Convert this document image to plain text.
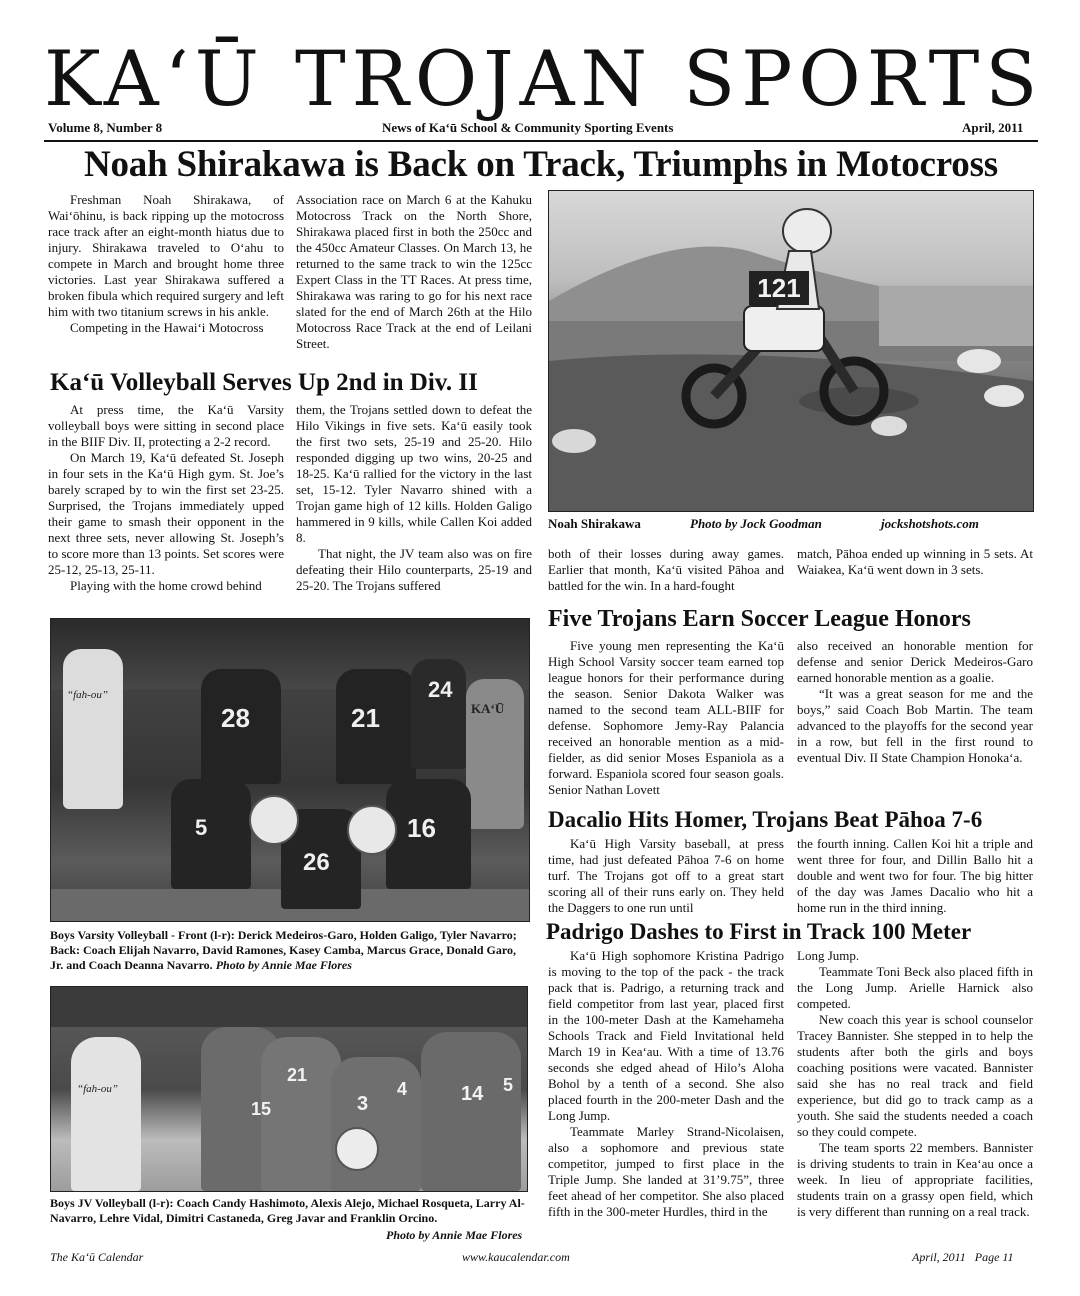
KA‘Ū TROJAN SPORTS
Volume 8, Number 8	News of Ka‘ū School & Community Sporting Events	April, 2011
Noah Shirakawa is Back on Track, Triumphs in Motocross

Freshman Noah Shirakawa, of Wai‘ōhinu, is back ripping up the motocross race track after an eight-month hiatus due to injury. Shirakawa traveled to O‘ahu to compete in March and brought home three victories. Last year Shirakawa suffered a broken fibula which required surgery and left him with two titanium screws in his ankle.

Competing in the Hawai‘i Motocross

Association race on March 6 at the Kahuku Motocross Track on the North Shore, Shirakawa placed first in both the 250cc and the 450cc Amateur Classes. On March 13, he returned to the same track to win the 125cc Expert Class in the TT Races. At press time, Shirakawa was raring to go for his next race slated for the end of March 26th at the Hilo Motocross Race Track at the end of Leilani Street.

121
Noah Shirakawa	Photo by Jock Goodman	jockshotshots.com
Ka‘ū Volleyball Serves Up 2nd in Div. II

At press time, the Ka‘ū Varsity volleyball boys were sitting in second place in the BIIF Div. II, protecting a 2-2 record.

On March 19, Ka‘ū defeated St. Joseph in four sets in the Ka‘ū High gym. St. Joe’s barely scraped by to win the first set 23-25. Surprised, the Trojans immediately upped their game to smash their opponent in the next three sets, never allowing St. Joseph’s to score more than 13 points. Set scores were 25-12, 25-13, 25-11.

Playing with the home crowd behind

them, the Trojans settled down to defeat the Hilo Vikings in five sets. Ka‘ū easily took the first two sets, 25-19 and 25-20. Hilo responded digging up two wins, 20-25 and 18-25. Ka‘ū rallied for the victory in the last set, 15-12. Tyler Navarro shined with a Trojan game high of 12 kills. Holden Galigo hammered in 9 kills, while Callen Koi added 8.

That night, the JV team also was on fire defeating their Hilo counterparts, 25-19 and 25-20. The Trojans suffered

both of their losses during away games. Earlier that month, Ka‘ū visited Pāhoa and battled for the win. In a hard-fought

match, Pāhoa ended up winning in 5 sets. At Waiakea, Ka‘ū went down in 3 sets.

“fah-ou”
KA‘Ū
28	21
24
5
26
16
Boys Varsity Volleyball - Front (l-r): Derick Medeiros-Garo, Holden Galigo, Tyler Navarro; Back: Coach Elijah Navarro, David Ramones, Kasey Camba, Marcus Grace, Donald Garo, Jr. and Coach Deanna Navarro. Photo by Annie Mae Flores
“fah-ou”
15
21
3
4	14 5
Boys JV Volleyball (l-r): Coach Candy Hashimoto, Alexis Alejo, Michael Rosqueta, Larry Al-Navarro, Lehre Vidal, Dimitri Castaneda, Greg Javar and Franklin Orcino.
Photo by Annie Mae Flores
Five Trojans Earn Soccer League Honors

Five young men representing the Ka‘ū High School Varsity soccer team earned top league honors for their performance during the season. Senior Dakota Walker was named to the second team ALL-BIIF for defense. Sophomore Jemy-Ray Palancia received an honorable mention as a mid-fielder, as did senior Moses Espaniola as a forward. Espaniola scored four season goals. Senior Nathan Lovett

also received an honorable mention for defense and senior Derick Medeiros-Garo earned honorable mention as a goalie.

“It was a great season for me and the boys,” said Coach Bob Martin. The team advanced to the playoffs for the second year in a row, but fell in the first round to eventual Div. II State Champion Honoka‘a.

Dacalio Hits Homer, Trojans Beat Pāhoa 7-6

Ka‘ū High Varsity baseball, at press time, had just defeated Pāhoa 7-6 on home turf. The Trojans got off to a great start scoring all of their runs early on. They held the Daggers to one run until

the fourth inning. Callen Koi hit a triple and went three for four, and Dillin Ballo hit a double and went two for four. The big hitter of the day was James Dacalio who hit a home run in the third inning.

Padrigo Dashes to First in Track 100 Meter

Ka‘ū High sophomore Kristina Padrigo is moving to the top of the pack - the track pack that is. Padrigo, a returning track and field competitor from last year, placed first in the 100-meter Dash at the Kamehameha Schools Track and Field Invitational held March 19 in Kea‘au. With a time of 13.76 seconds she edged ahead of Hilo’s Aloha Bohol by a tenth of a second. She also placed fourth in the 200-meter Dash and the Long Jump.

Teammate Marley Strand-Nicolaisen, also a sophomore and previous state competitor, jumped to first place in the Triple Jump. She landed at 31’9.75”, three feet ahead of her competitor. She also placed fifth in the 300-meter Hurdles, third in the

Long Jump.

Teammate Toni Beck also placed fifth in the Long Jump. Arielle Harnick also competed.

New coach this year is school counselor Tracey Bannister. She stepped in to help the students after both the girls and boys coaching positions were vacated. Bannister said she has no real track and field experience, but did go to track camp as a youth. She said the students needed a coach so they could compete.

The team sports 22 members. Bannister is driving students to train in Kea‘au once a week. In lieu of appropriate facilities, students train on a grassy open field, which is very different than running on a real track.

The Ka‘ū Calendar	www.kaucalendar.com	April, 2011   Page 11
